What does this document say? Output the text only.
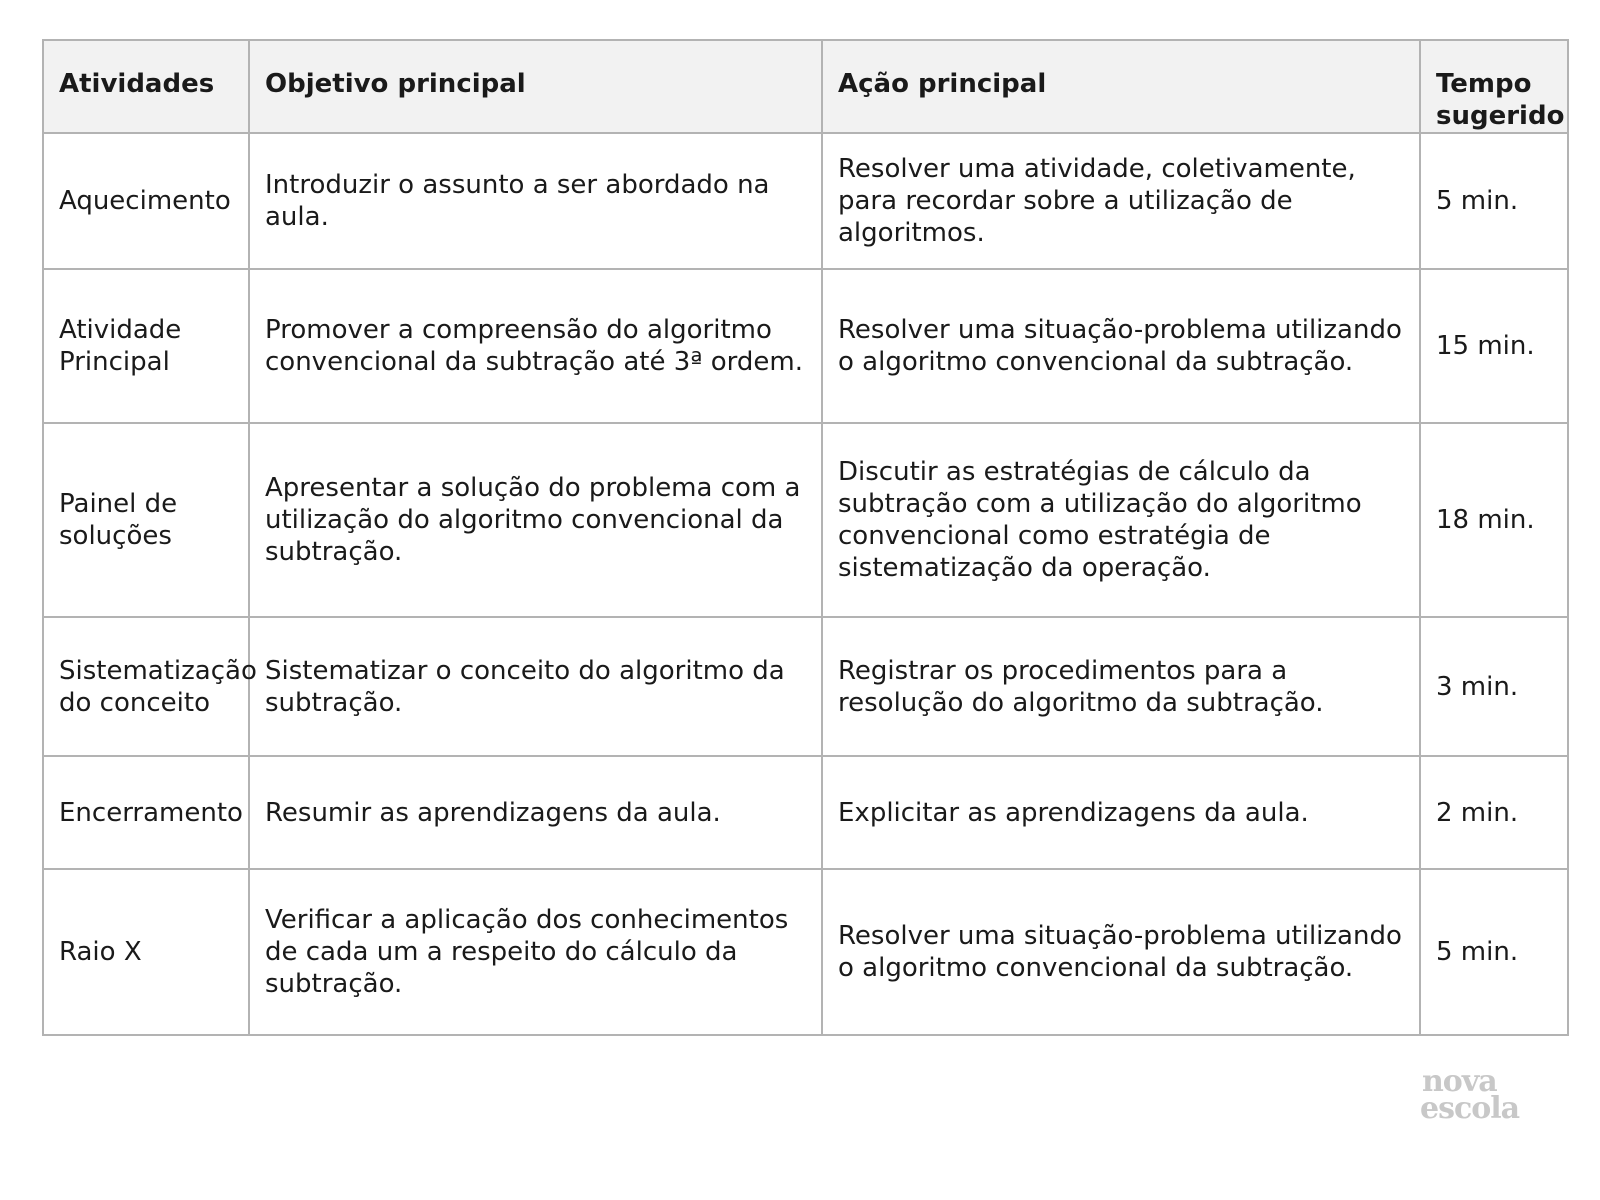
Atividades	Objetivo principal	Ação principal	Tempo
sugerido
Aquecimento	Introduzir o assunto a ser abordado na aula.	Resolver uma atividade, coletivamente, para recordar sobre a utilização de algoritmos.	5 min.
Atividade Principal	Promover a compreensão do algoritmo convencional da subtração até 3ª ordem.	Resolver uma situação-problema utilizando o algoritmo convencional da subtração.	15 min.
Painel de soluções	Apresentar a solução do problema com a utilização do algoritmo convencional da subtração.	Discutir as estratégias de cálculo da subtração com a utilização do algoritmo convencional como estratégia de sistematização da operação.	18 min.
Sistematização do conceito	Sistematizar o conceito do algoritmo da subtração.	Registrar os procedimentos para a resolução do algoritmo da subtração.	3 min.
Encerramento	Resumir as aprendizagens da aula.	Explicitar as aprendizagens da aula.	2 min.
Raio X	Verificar a aplicação dos conhecimentos de cada um a respeito do cálculo da subtração.	Resolver uma situação-problema utilizando o algoritmo convencional da subtração.	5 min.
nova
escola
